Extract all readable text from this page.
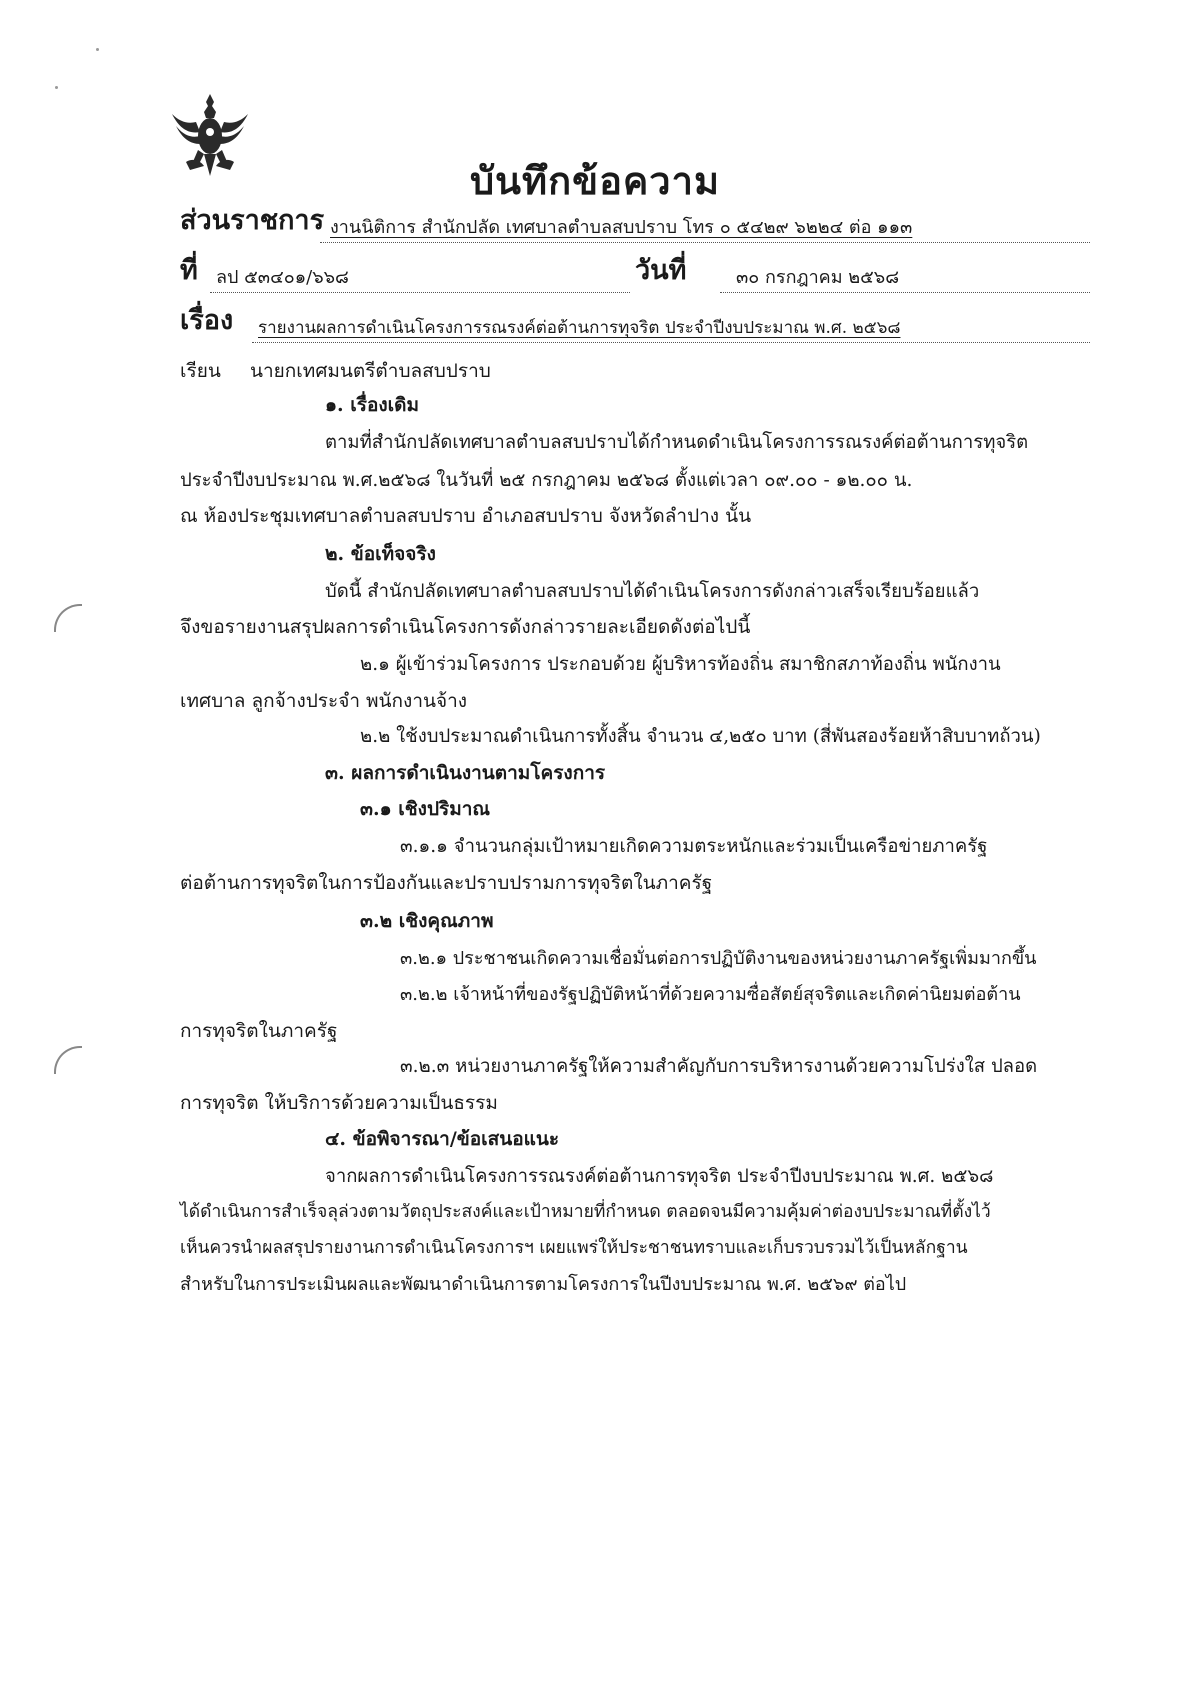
บันทึกข้อความ
ส่วนราชการ งานนิติการ สำนักปลัด เทศบาลตำบลสบปราบ โทร ๐ ๕๔๒๙ ๖๒๒๔ ต่อ ๑๑๓
ที่ ลป ๕๓๔๐๑/๖๖๘	วันที่	๓๐ กรกฎาคม ๒๕๖๘
เรื่อง รายงานผลการดำเนินโครงการรณรงค์ต่อต้านการทุจริต ประจำปีงบประมาณ พ.ศ. ๒๕๖๘
เรียน นายกเทศมนตรีตำบลสบปราบ
๑. เรื่องเดิม
ตามที่สำนักปลัดเทศบาลตำบลสบปราบได้กำหนดดำเนินโครงการรณรงค์ต่อต้านการทุจริต
ประจำปีงบประมาณ พ.ศ.๒๕๖๘ ในวันที่ ๒๕ กรกฎาคม ๒๕๖๘ ตั้งแต่เวลา ๐๙.๐๐ - ๑๒.๐๐ น.
ณ ห้องประชุมเทศบาลตำบลสบปราบ อำเภอสบปราบ จังหวัดลำปาง นั้น
๒. ข้อเท็จจริง
บัดนี้ สำนักปลัดเทศบาลตำบลสบปราบได้ดำเนินโครงการดังกล่าวเสร็จเรียบร้อยแล้ว
จึงขอรายงานสรุปผลการดำเนินโครงการดังกล่าวรายละเอียดดังต่อไปนี้
๒.๑ ผู้เข้าร่วมโครงการ ประกอบด้วย ผู้บริหารท้องถิ่น สมาชิกสภาท้องถิ่น พนักงาน
เทศบาล ลูกจ้างประจำ พนักงานจ้าง
๒.๒ ใช้งบประมาณดำเนินการทั้งสิ้น จำนวน ๔,๒๕๐ บาท (สี่พันสองร้อยห้าสิบบาทถ้วน)
๓. ผลการดำเนินงานตามโครงการ
๓.๑ เชิงปริมาณ
๓.๑.๑ จำนวนกลุ่มเป้าหมายเกิดความตระหนักและร่วมเป็นเครือข่ายภาครัฐ
ต่อต้านการทุจริตในการป้องกันและปราบปรามการทุจริตในภาครัฐ
๓.๒ เชิงคุณภาพ
๓.๒.๑ ประชาชนเกิดความเชื่อมั่นต่อการปฏิบัติงานของหน่วยงานภาครัฐเพิ่มมากขึ้น
๓.๒.๒ เจ้าหน้าที่ของรัฐปฏิบัติหน้าที่ด้วยความซื่อสัตย์สุจริตและเกิดค่านิยมต่อต้าน
การทุจริตในภาครัฐ
๓.๒.๓ หน่วยงานภาครัฐให้ความสำคัญกับการบริหารงานด้วยความโปร่งใส ปลอด
การทุจริต ให้บริการด้วยความเป็นธรรม
๔. ข้อพิจารณา/ข้อเสนอแนะ
จากผลการดำเนินโครงการรณรงค์ต่อต้านการทุจริต ประจำปีงบประมาณ พ.ศ. ๒๕๖๘
ได้ดำเนินการสำเร็จลุล่วงตามวัตถุประสงค์และเป้าหมายที่กำหนด ตลอดจนมีความคุ้มค่าต่องบประมาณที่ตั้งไว้
เห็นควรนำผลสรุปรายงานการดำเนินโครงการฯ เผยแพร่ให้ประชาชนทราบและเก็บรวบรวมไว้เป็นหลักฐาน
สำหรับในการประเมินผลและพัฒนาดำเนินการตามโครงการในปีงบประมาณ พ.ศ. ๒๕๖๙ ต่อไป
